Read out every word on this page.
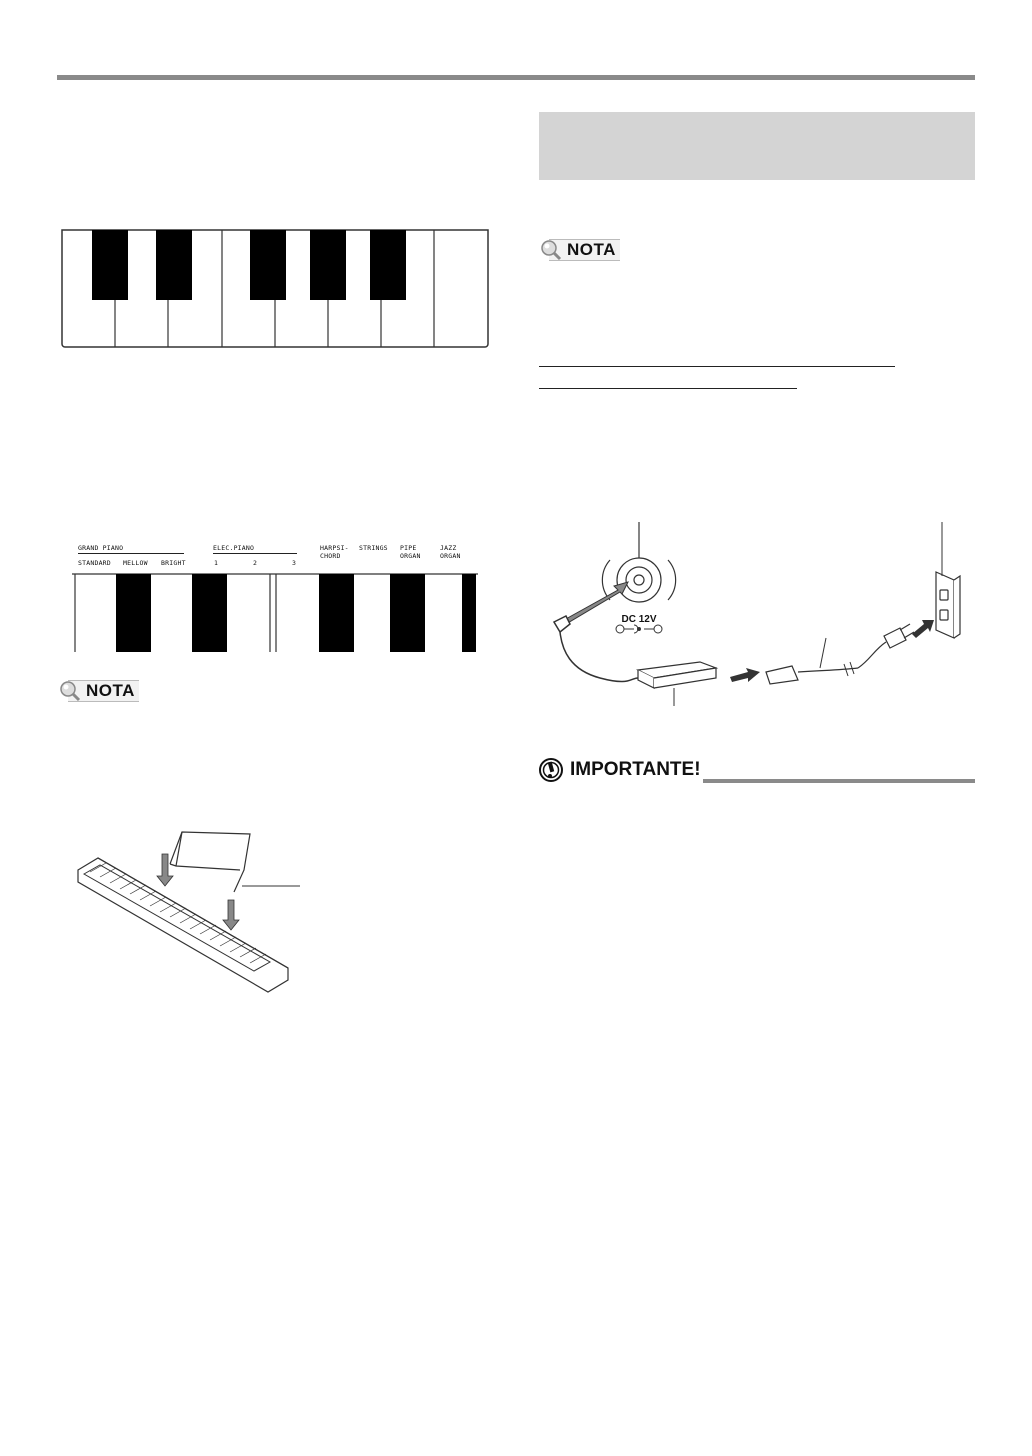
GRAND PIANO	ELEC.PIANO
STANDARD MELLOW BRIGHT	1	2	3
HARPSI-
CHORD
STRINGS PIPE
ORGAN
JAZZ
ORGAN
NOTA
NOTA
DC 12V
IMPORTANTE!
